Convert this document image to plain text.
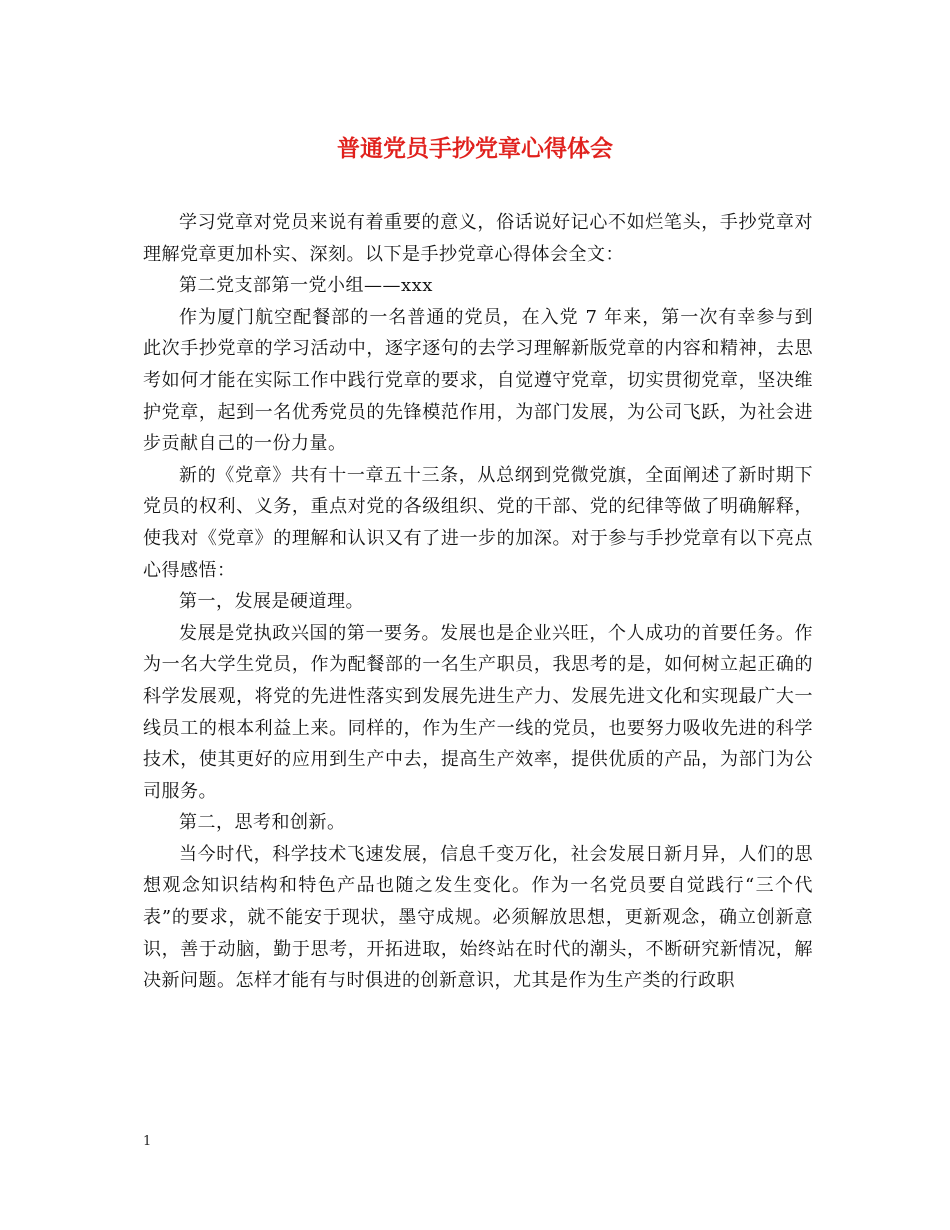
普通党员手抄党章心得体会

学习党章对党员来说有着重要的意义，俗话说好记心不如烂笔头，手抄党章对理解党章更加朴实、深刻。以下是手抄党章心得体会全文：

第二党支部第一党小组——xxx

作为厦门航空配餐部的一名普通的党员，在入党 7 年来，第一次有幸参与到此次手抄党章的学习活动中，逐字逐句的去学习理解新版党章的内容和精神，去思考如何才能在实际工作中践行党章的要求，自觉遵守党章，切实贯彻党章，坚决维护党章，起到一名优秀党员的先锋模范作用，为部门发展，为公司飞跃，为社会进步贡献自己的一份力量。

新的《党章》共有十一章五十三条，从总纲到党微党旗，全面阐述了新时期下党员的权利、义务，重点对党的各级组织、党的干部、党的纪律等做了明确解释，使我对《党章》的理解和认识又有了进一步的加深。对于参与手抄党章有以下亮点心得感悟：

第一，发展是硬道理。

发展是党执政兴国的第一要务。发展也是企业兴旺，个人成功的首要任务。作为一名大学生党员，作为配餐部的一名生产职员，我思考的是，如何树立起正确的科学发展观，将党的先进性落实到发展先进生产力、发展先进文化和实现最广大一线员工的根本利益上来。同样的，作为生产一线的党员，也要努力吸收先进的科学技术，使其更好的应用到生产中去，提高生产效率，提供优质的产品，为部门为公司服务。

第二，思考和创新。

当今时代，科学技术飞速发展，信息千变万化，社会发展日新月异，人们的思想观念知识结构和特色产品也随之发生变化。作为一名党员要自觉践行“三个代表”的要求，就不能安于现状，墨守成规。必须解放思想，更新观念，确立创新意识，善于动脑，勤于思考，开拓进取，始终站在时代的潮头，不断研究新情况，解决新问题。怎样才能有与时俱进的创新意识，尤其是作为生产类的行政职

1
